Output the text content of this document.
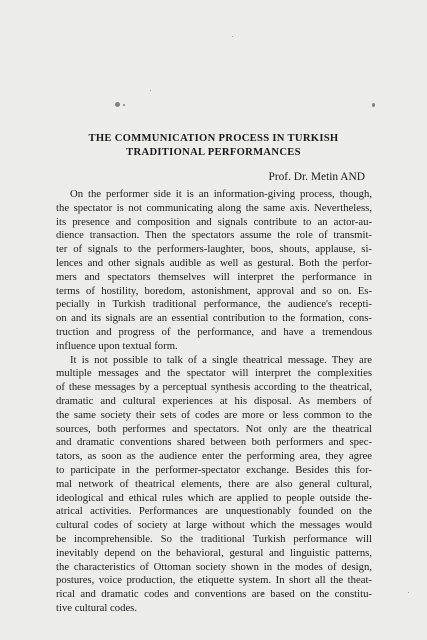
THE COMMUNICATION PROCESS IN TURKISH
TRADITIONAL PERFORMANCES
Prof. Dr. Metin AND
On the performer side it is an information-giving process, though,
the spectator is not communicating along the same axis. Nevertheless,
its presence and composition and signals contribute to an actor-au-
dience transaction. Then the spectators assume the role of transmit-
ter of signals to the performers-laughter, boos, shouts, applause, si-
lences and other signals audible as well as gestural. Both the perfor-
mers and spectators themselves will interpret the performance in
terms of hostility, boredom, astonishment, approval and so on. Es-
pecially in Turkish traditional performance, the audience's recepti-
on and its signals are an essential contribution to the formation, cons-
truction and progress of the performance, and have a tremendous
influence upon textual form.
It is not possible to talk of a single theatrical message. They are
multiple messages and the spectator will interpret the complexities
of these messages by a perceptual synthesis according to the theatrical,
dramatic and cultural experiences at his disposal. As members of
the same society their sets of codes are more or less common to the
sources, both performes and spectators. Not only are the theatrical
and dramatic conventions shared between both performers and spec-
tators, as soon as the audience enter the performing area, they agree
to participate in the performer-spectator exchange. Besides this for-
mal network of theatrical elements, there are also general cultural,
ideological and ethical rules which are applied to people outside the-
atrical activities. Performances are unquestionably founded on the
cultural codes of society at large without which the messages would
be incomprehensible. So the traditional Turkish performance will
inevitably depend on the behavioral, gestural and linguistic patterns,
the characteristics of Ottoman society shown in the modes of design,
postures, voice production, the etiquette system. In short all the theat-
rical and dramatic codes and conventions are based on the constitu-
tive cultural codes.
